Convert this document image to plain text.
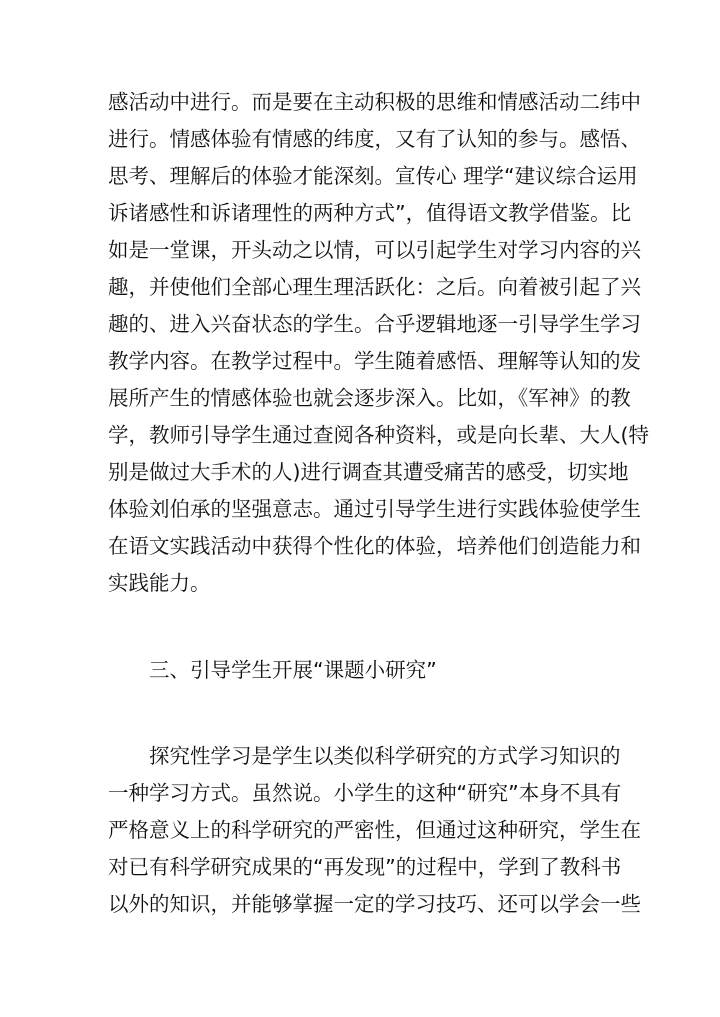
感活动中进行。而是要在主动积极的思维和情感活动二纬中
进行。情感体验有情感的纬度，又有了认知的参与。感悟、
思考、理解后的体验才能深刻。宣传心 理学“建议综合运用
诉诸感性和诉诸理性的两种方式”，值得语文教学借鉴。比
如是一堂课，开头动之以情，可以引起学生对学习内容的兴
趣，并使他们全部心理生理活跃化：之后。向着被引起了兴
趣的、进入兴奋状态的学生。合乎逻辑地逐一引导学生学习
教学内容。在教学过程中。学生随着感悟、理解等认知的发
展所产生的情感体验也就会逐步深入。比如，《军神》的教
学，教师引导学生通过查阅各种资料，或是向长辈、大人(特
别是做过大手术的人)进行调查其遭受痛苦的感受，切实地
体验刘伯承的坚强意志。通过引导学生进行实践体验使学生
在语文实践活动中获得个性化的体验，培养他们创造能力和
实践能力。
三、引导学生开展“课题小研究”
探究性学习是学生以类似科学研究的方式学习知识的
一种学习方式。虽然说。小学生的这种“研究”本身不具有
严格意义上的科学研究的严密性，但通过这种研究，学生在
对已有科学研究成果的“再发现”的过程中，学到了教科书
以外的知识，并能够掌握一定的学习技巧、还可以学会一些
